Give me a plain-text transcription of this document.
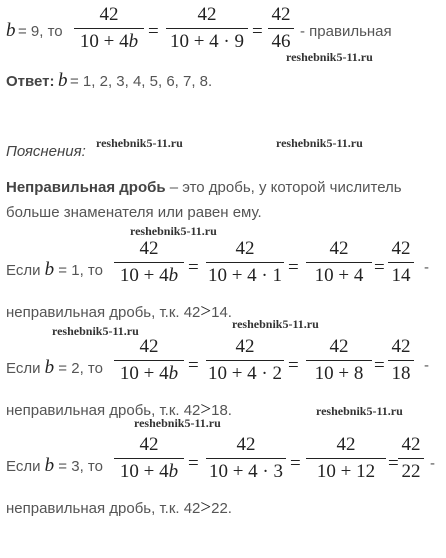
b = 9, то
42
10 + 4b =
42
10 + 4 · 9 =
42
46 - правильная
reshebnik5-11.ru
Ответ: b = 1, 2, 3, 4, 5, 6, 7, 8.
Пояснения: reshebnik5-11.ru	reshebnik5-11.ru
Неправильная дробь – это дробь, у которой числитель
больше знаменателя или равен ему.
reshebnik5-11.ru
Если b = 1, то
42
10 + 4b =
42
10 + 4 · 1 =
42
10 + 4 =
42
14 -
неправильная дробь, т.к. 42>14.
reshebnik5-11.ru
reshebnik5-11.ru
Если b = 2, то
42
10 + 4b =
42
10 + 4 · 2 =
42
10 + 8 =
42
18 -
неправильная дробь, т.к. 42>18.	reshebnik5-11.ru
reshebnik5-11.ru
Если b = 3, то
42
10 + 4b =
42
10 + 4 · 3 =
42
10 + 12 =
42
22 -
неправильная дробь, т.к. 42>22.
